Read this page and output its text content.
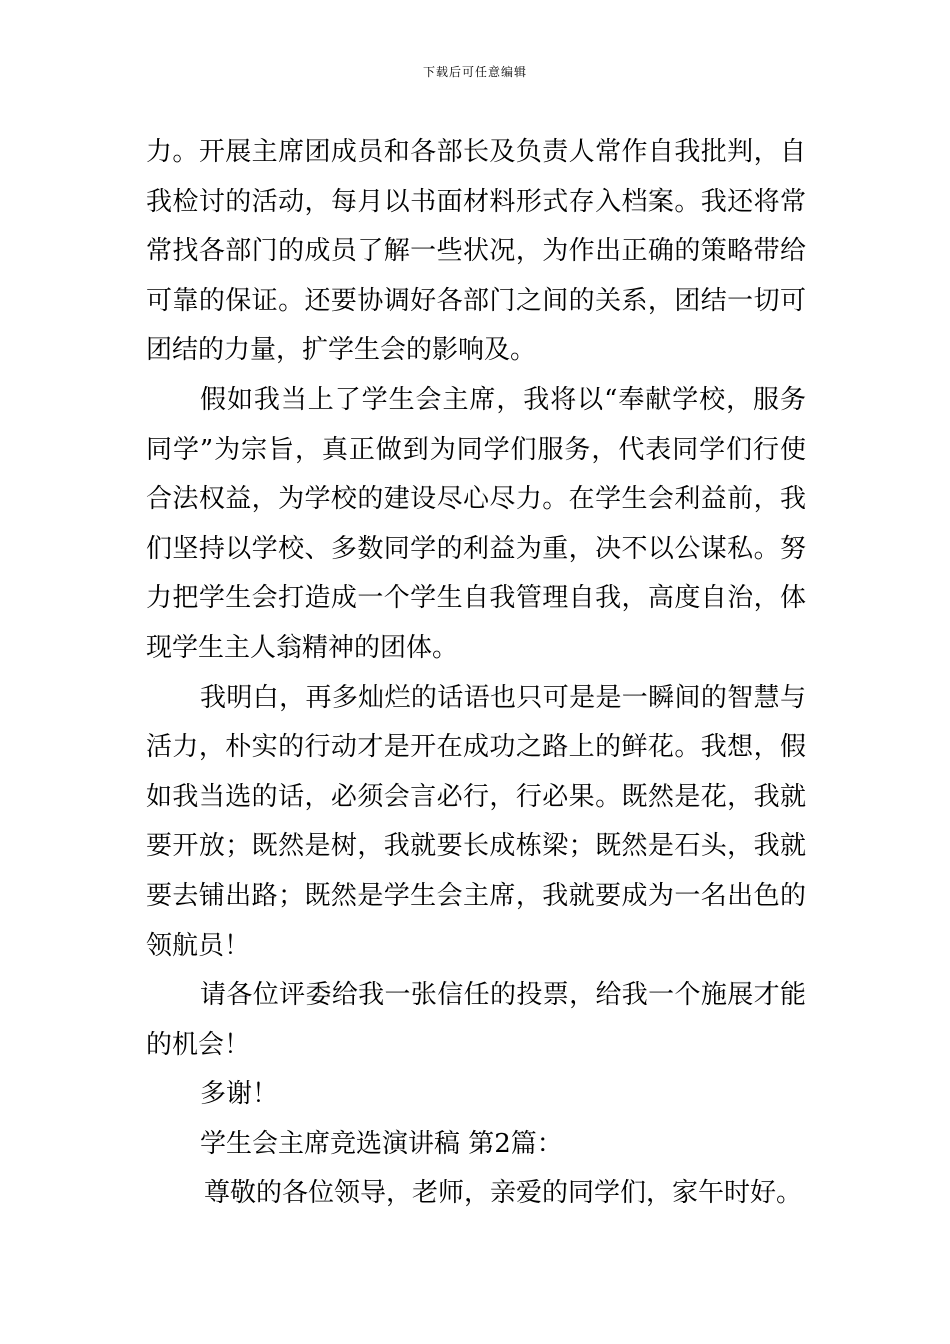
下载后可任意编辑
力。开展主席团成员和各部长及负责人常作自我批判，自
我检讨的活动，每月以书面材料形式存入档案。我还将常
常找各部门的成员了解一些状况，为作出正确的策略带给
可靠的保证。还要协调好各部门之间的关系，团结一切可
团结的力量，扩学生会的影响及。
假如我当上了学生会主席，我将以“奉献学校，服务
同学”为宗旨，真正做到为同学们服务，代表同学们行使
合法权益，为学校的建设尽心尽力。在学生会利益前，我
们坚持以学校、多数同学的利益为重，决不以公谋私。努
力把学生会打造成一个学生自我管理自我，高度自治，体
现学生主人翁精神的团体。
我明白，再多灿烂的话语也只可是是一瞬间的智慧与
活力，朴实的行动才是开在成功之路上的鲜花。我想，假
如我当选的话，必须会言必行，行必果。既然是花，我就
要开放；既然是树，我就要长成栋梁；既然是石头，我就
要去铺出路；既然是学生会主席，我就要成为一名出色的
领航员！
请各位评委给我一张信任的投票，给我一个施展才能
的机会！
多谢！
学生会主席竞选演讲稿 第2篇：
尊敬的各位领导，老师，亲爱的同学们，家午时好。
